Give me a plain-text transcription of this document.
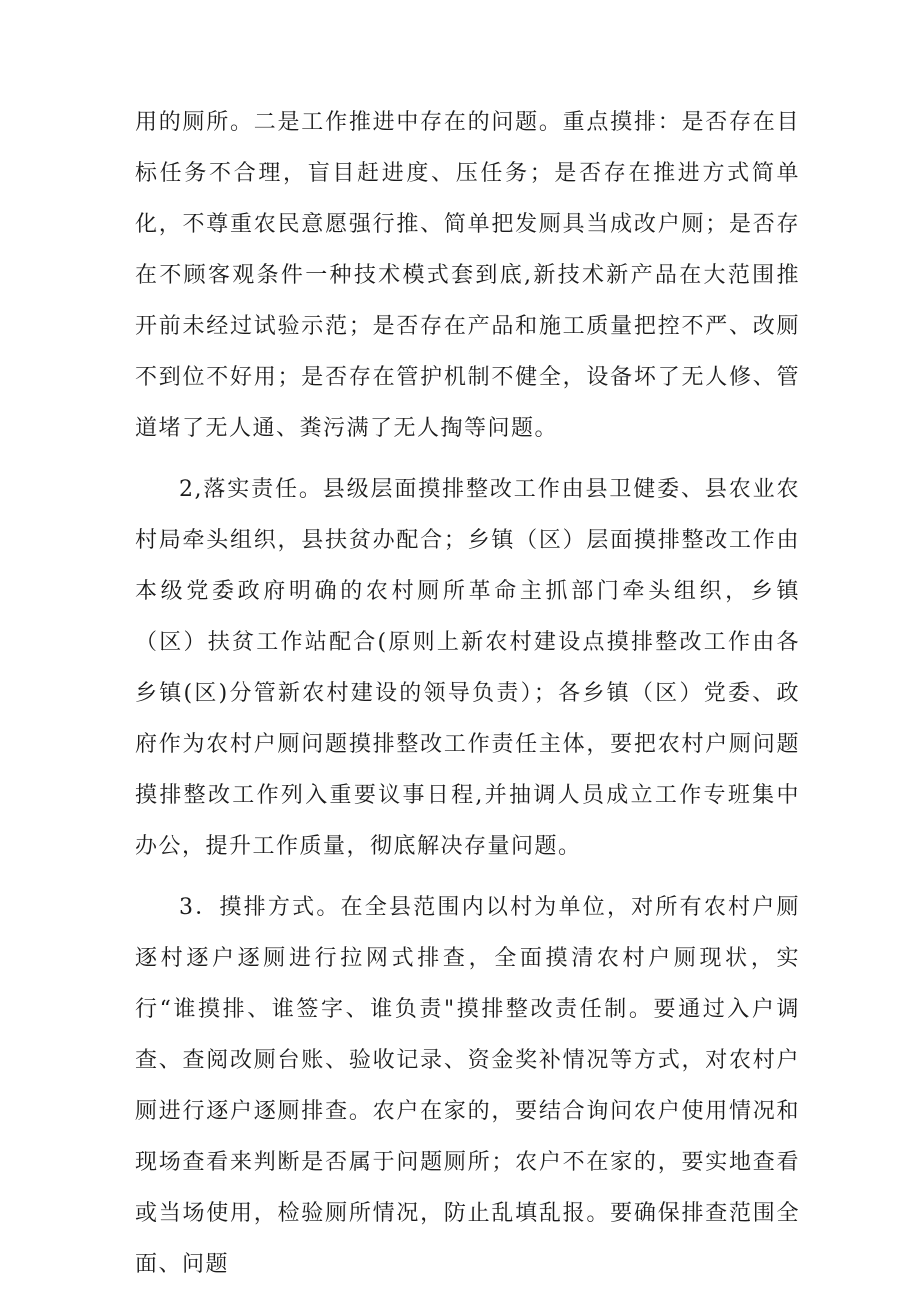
用的厕所。二是工作推进中存在的问题。重点摸排：是否存在目标任务不合理，盲目赶进度、压任务；是否存在推进方式简单化，不尊重农民意愿强行推、简单把发厕具当成改户厕；是否存在不顾客观条件一种技术模式套到底,新技术新产品在大范围推开前未经过试验示范；是否存在产品和施工质量把控不严、改厕不到位不好用；是否存在管护机制不健全，设备坏了无人修、管道堵了无人通、粪污满了无人掏等问题。

2,落实责任。县级层面摸排整改工作由县卫健委、县农业农村局牵头组织，县扶贫办配合；乡镇（区）层面摸排整改工作由本级党委政府明确的农村厕所革命主抓部门牵头组织，乡镇（区）扶贫工作站配合(原则上新农村建设点摸排整改工作由各乡镇(区)分管新农村建设的领导负责）；各乡镇（区）党委、政府作为农村户厕问题摸排整改工作责任主体，要把农村户厕问题摸排整改工作列入重要议事日程,并抽调人员成立工作专班集中办公，提升工作质量，彻底解决存量问题。

3．摸排方式。在全县范围内以村为单位，对所有农村户厕逐村逐户逐厕进行拉网式排查，全面摸清农村户厕现状，实行“谁摸排、谁签字、谁负责"摸排整改责任制。要通过入户调查、查阅改厕台账、验收记录、资金奖补情况等方式，对农村户厕进行逐户逐厕排查。农户在家的，要结合询问农户使用情况和现场查看来判断是否属于问题厕所；农户不在家的，要实地查看或当场使用，检验厕所情况，防止乱填乱报。要确保排查范围全面、问题
